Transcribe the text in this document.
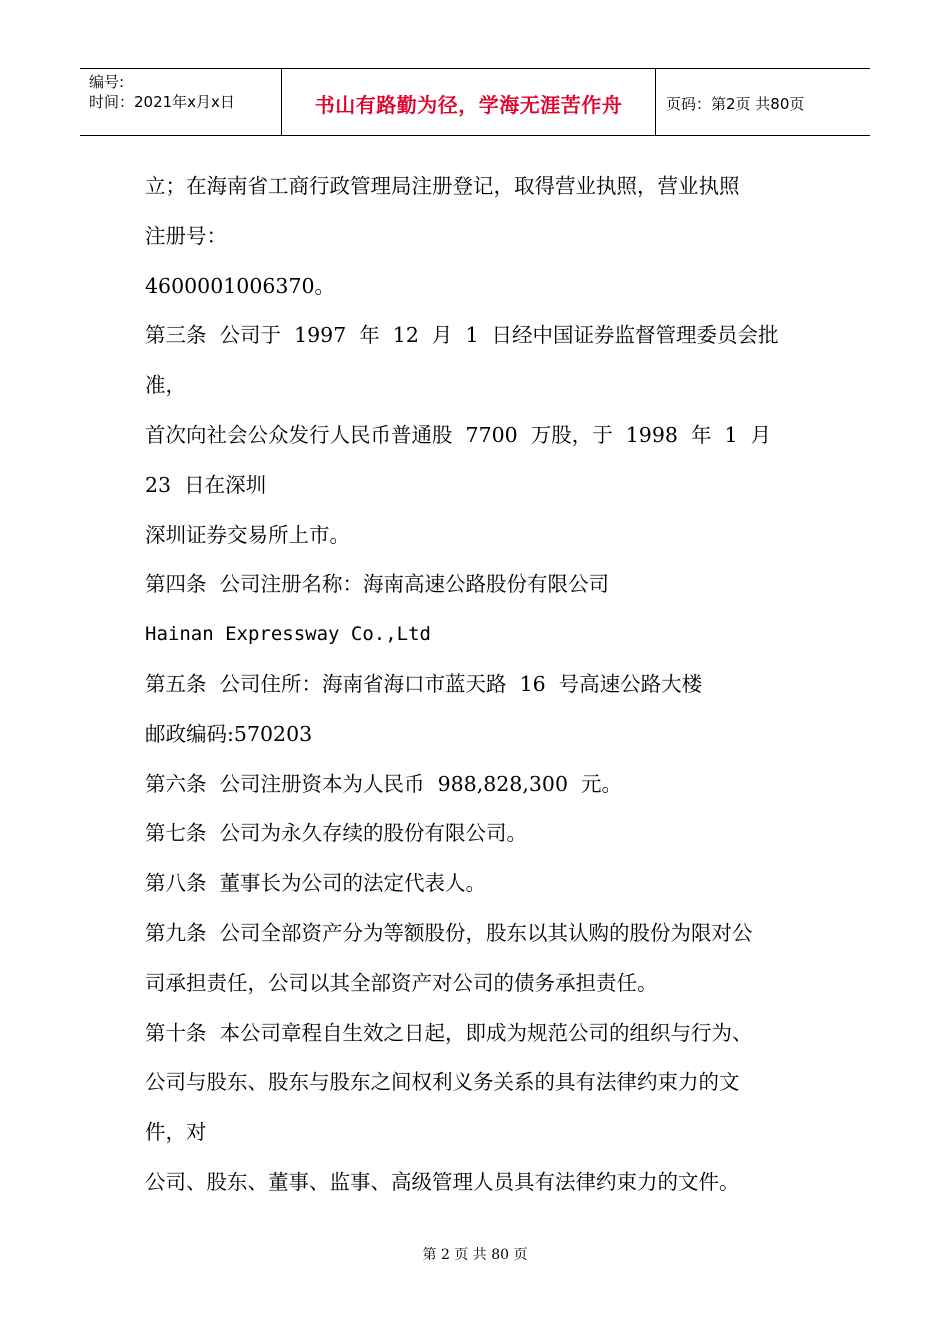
编号:
时间：2021年x月x日	书山有路勤为径，学海无涯苦作舟	页码：第2页 共80页
立；在海南省工商行政管理局注册登记，取得营业执照，营业执照
注册号：
4600001006370。
第三条  公司于  1997  年  12  月  1  日经中国证券监督管理委员会批
准，
首次向社会公众发行人民币普通股  7700  万股，于  1998  年  1  月
23  日在深圳
深圳证券交易所上市。
第四条  公司注册名称：海南高速公路股份有限公司
Hainan Expressway Co.,Ltd
第五条  公司住所：海南省海口市蓝天路  16  号高速公路大楼
邮政编码:570203
第六条  公司注册资本为人民币  988,828,300  元。
第七条  公司为永久存续的股份有限公司。
第八条  董事长为公司的法定代表人。
第九条  公司全部资产分为等额股份，股东以其认购的股份为限对公
司承担责任，公司以其全部资产对公司的债务承担责任。
第十条  本公司章程自生效之日起，即成为规范公司的组织与行为、
公司与股东、股东与股东之间权利义务关系的具有法律约束力的文
件，对
公司、股东、董事、监事、高级管理人员具有法律约束力的文件。
第 2 页 共 80 页
